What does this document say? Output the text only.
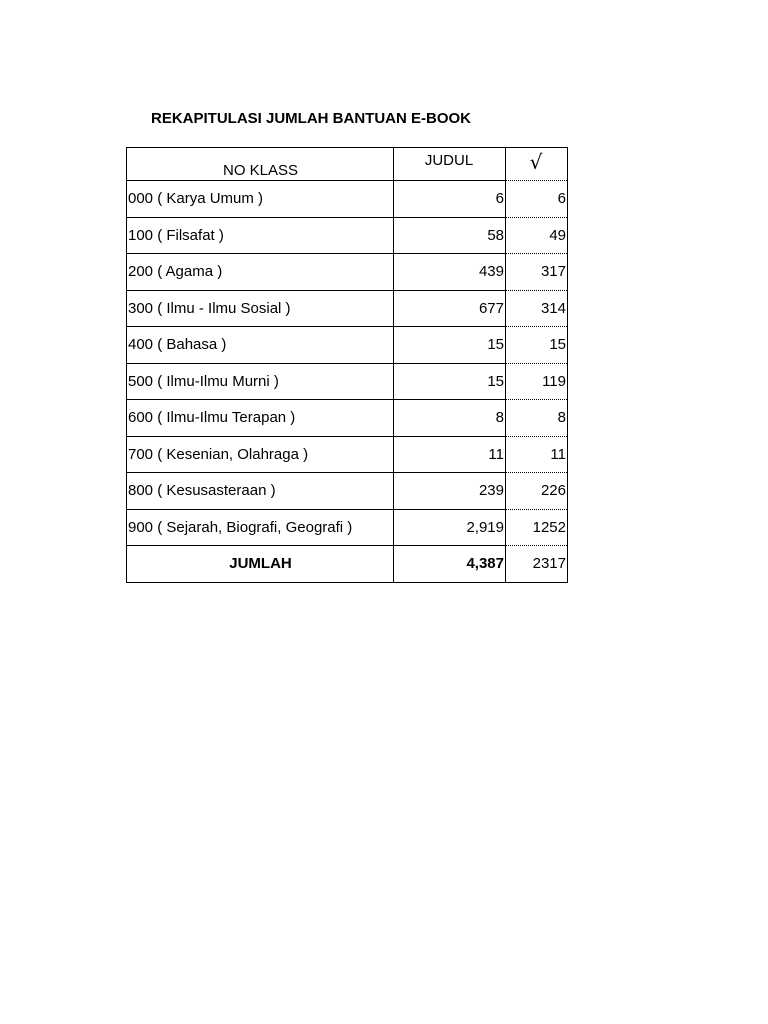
REKAPITULASI JUMLAH BANTUAN E-BOOK
NO KLASS	JUDUL	√
000 ( Karya Umum )	6	6
100 ( Filsafat )	58	49
200 ( Agama )	439	317
300 ( Ilmu - Ilmu Sosial )	677	314
400 ( Bahasa )	15	15
500 ( Ilmu-Ilmu Murni )	15	119
600 ( Ilmu-Ilmu Terapan )	8	8
700 ( Kesenian, Olahraga )	11	11
800 ( Kesusasteraan )	239	226
900 ( Sejarah, Biografi, Geografi )	2,919	1252
JUMLAH	4,387	2317
